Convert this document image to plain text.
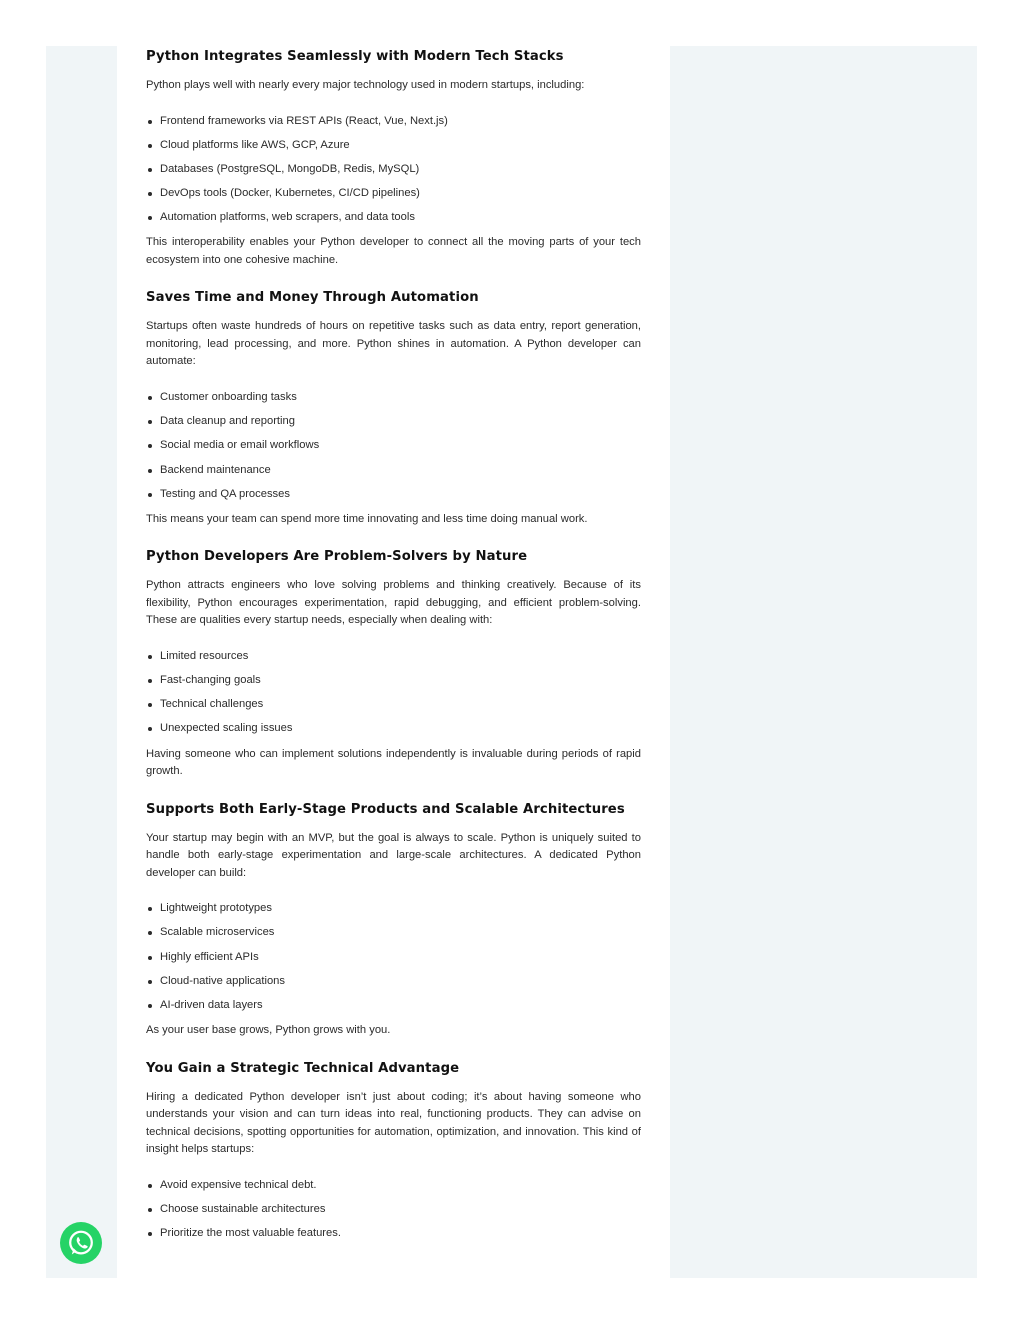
Python Integrates Seamlessly with Modern Tech Stacks

Python plays well with nearly every major technology used in modern startups, including:

Frontend frameworks via REST APIs (React, Vue, Next.js)
Cloud platforms like AWS, GCP, Azure
Databases (PostgreSQL, MongoDB, Redis, MySQL)
DevOps tools (Docker, Kubernetes, CI/CD pipelines)
Automation platforms, web scrapers, and data tools

This interoperability enables your Python developer to connect all the moving parts of your tech ecosystem into one cohesive machine.

Saves Time and Money Through Automation

Startups often waste hundreds of hours on repetitive tasks such as data entry, report generation, monitoring, lead processing, and more. Python shines in automation. A Python developer can automate:

Customer onboarding tasks
Data cleanup and reporting
Social media or email workflows
Backend maintenance
Testing and QA processes

This means your team can spend more time innovating and less time doing manual work.

Python Developers Are Problem-Solvers by Nature

Python attracts engineers who love solving problems and thinking creatively. Because of its flexibility, Python encourages experimentation, rapid debugging, and efficient problem-solving. These are qualities every startup needs, especially when dealing with:

Limited resources
Fast-changing goals
Technical challenges
Unexpected scaling issues

Having someone who can implement solutions independently is invaluable during periods of rapid growth.

Supports Both Early-Stage Products and Scalable Architectures

Your startup may begin with an MVP, but the goal is always to scale. Python is uniquely suited to handle both early-stage experimentation and large-scale architectures. A dedicated Python developer can build:

Lightweight prototypes
Scalable microservices
Highly efficient APIs
Cloud-native applications
AI-driven data layers

As your user base grows, Python grows with you.

You Gain a Strategic Technical Advantage

Hiring a dedicated Python developer isn’t just about coding; it’s about having someone who understands your vision and can turn ideas into real, functioning products. They can advise on technical decisions, spotting opportunities for automation, optimization, and innovation. This kind of insight helps startups:

Avoid expensive technical debt.
Choose sustainable architectures
Prioritize the most valuable features.
